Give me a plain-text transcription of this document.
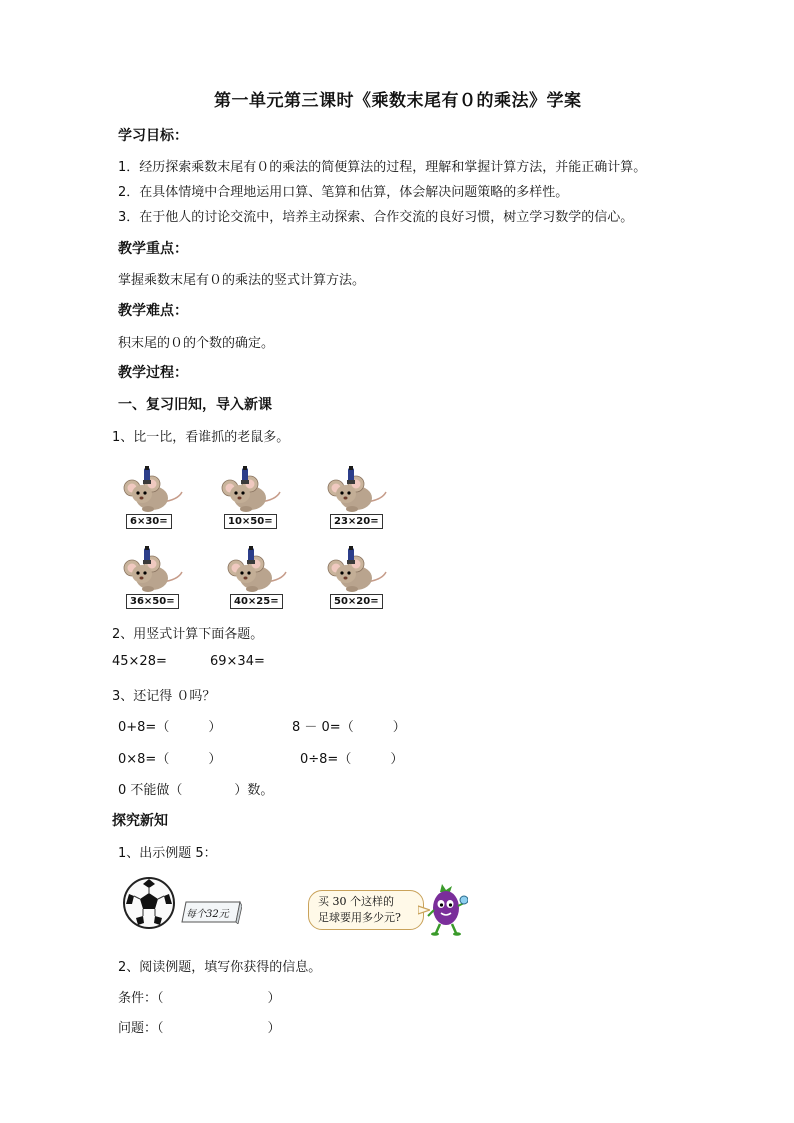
第一单元第三课时《乘数末尾有０的乘法》学案
学习目标：
1．经历探索乘数末尾有０的乘法的简便算法的过程，理解和掌握计算方法，并能正确计算。
2．在具体情境中合理地运用口算、笔算和估算，体会解决问题策略的多样性。
3．在于他人的讨论交流中，培养主动探索、合作交流的良好习惯，树立学习数学的信心。
教学重点：
掌握乘数末尾有０的乘法的竖式计算方法。
教学难点：
积末尾的０的个数的确定。
教学过程：
一、复习旧知，导入新课
1、比一比，看谁抓的老鼠多。
6×30=	10×50=	23×20=
36×50=	40×25=	50×20=
2、用竖式计算下面各题。
45×28=	69×34=
3、还记得 ０吗？
0+8=（　　　）	8 － 0=（　　　）
0×8=（　　　）	0÷8=（　　　）
0 不能做（　　　　）数。
探究新知
1、出示例题 5：
每个32元
买 30 个这样的
足球要用多少元?
2、阅读例题，填写你获得的信息。
条件：（　　　　　　　　）
问题：（　　　　　　　　）
